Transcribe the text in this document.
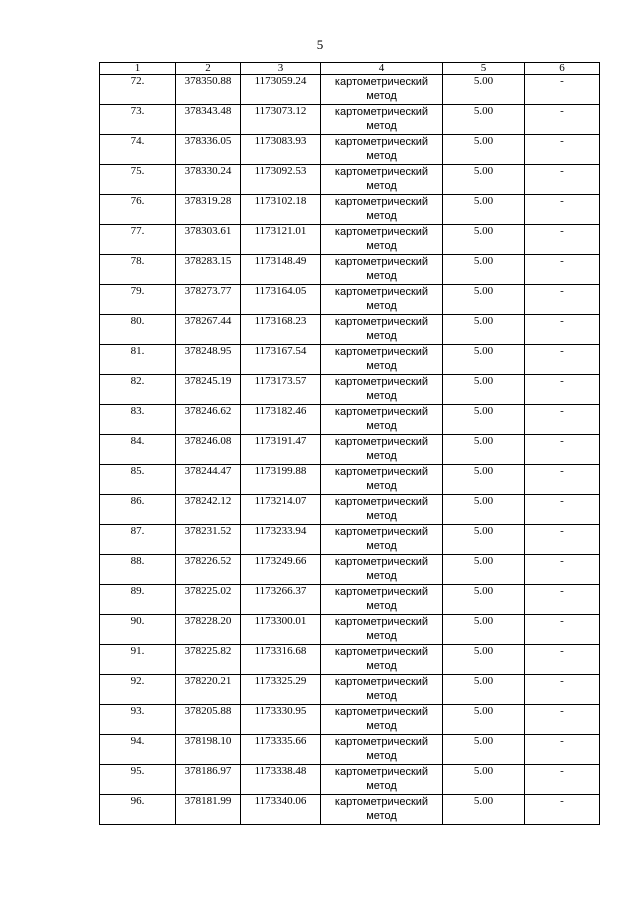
5
1	2	3	4	5	6
72.	378350.88	1173059.24	картометрический
метод	5.00	-
73.	378343.48	1173073.12	картометрический
метод	5.00	-
74.	378336.05	1173083.93	картометрический
метод	5.00	-
75.	378330.24	1173092.53	картометрический
метод	5.00	-
76.	378319.28	1173102.18	картометрический
метод	5.00	-
77.	378303.61	1173121.01	картометрический
метод	5.00	-
78.	378283.15	1173148.49	картометрический
метод	5.00	-
79.	378273.77	1173164.05	картометрический
метод	5.00	-
80.	378267.44	1173168.23	картометрический
метод	5.00	-
81.	378248.95	1173167.54	картометрический
метод	5.00	-
82.	378245.19	1173173.57	картометрический
метод	5.00	-
83.	378246.62	1173182.46	картометрический
метод	5.00	-
84.	378246.08	1173191.47	картометрический
метод	5.00	-
85.	378244.47	1173199.88	картометрический
метод	5.00	-
86.	378242.12	1173214.07	картометрический
метод	5.00	-
87.	378231.52	1173233.94	картометрический
метод	5.00	-
88.	378226.52	1173249.66	картометрический
метод	5.00	-
89.	378225.02	1173266.37	картометрический
метод	5.00	-
90.	378228.20	1173300.01	картометрический
метод	5.00	-
91.	378225.82	1173316.68	картометрический
метод	5.00	-
92.	378220.21	1173325.29	картометрический
метод	5.00	-
93.	378205.88	1173330.95	картометрический
метод	5.00	-
94.	378198.10	1173335.66	картометрический
метод	5.00	-
95.	378186.97	1173338.48	картометрический
метод	5.00	-
96.	378181.99	1173340.06	картометрический
метод	5.00	-
